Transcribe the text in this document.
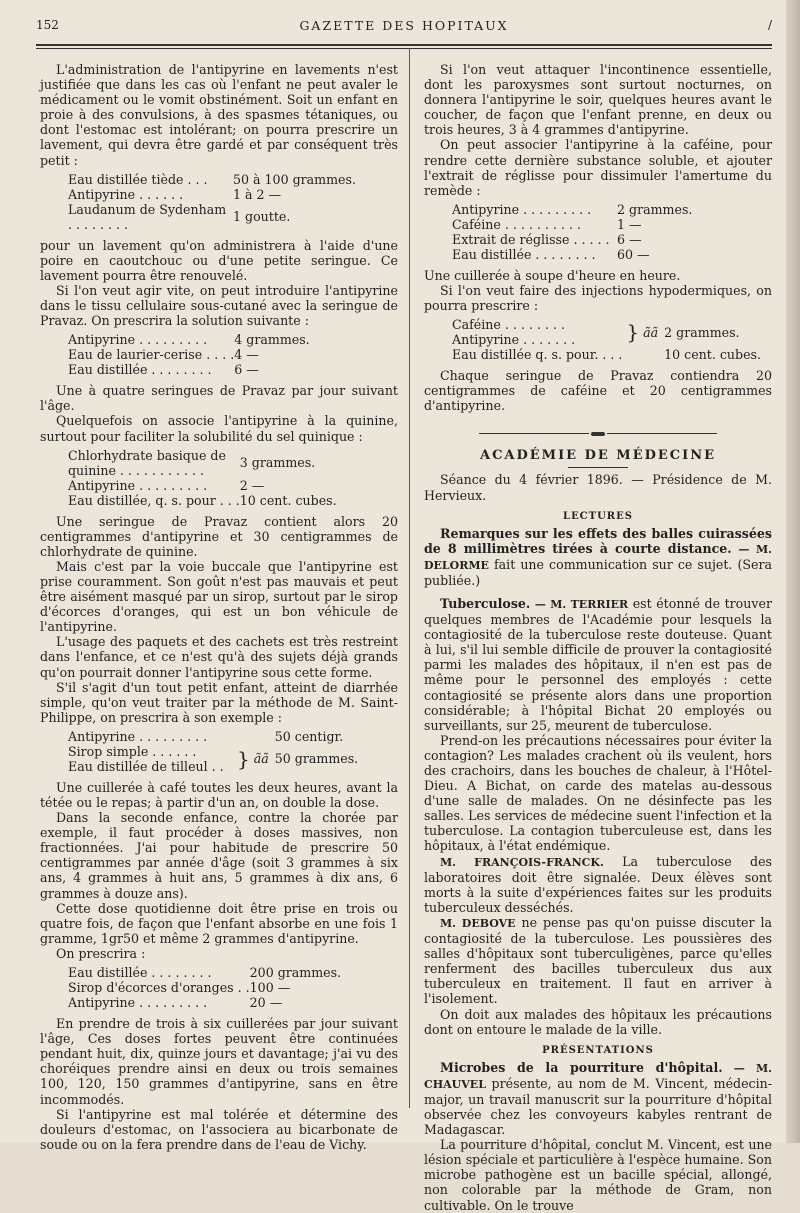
152	GAZETTE DES HOPITAUX	/

L'administration de l'antipyrine en lavements n'est justifiée que dans les cas où l'enfant ne peut avaler le médicament ou le vomit obstinément. Soit un enfant en proie à des convulsions, à des spasmes tétaniques, ou dont l'estomac est intolérant; on pourra prescrire un lavement, qui devra être gardé et par conséquent très petit :

Eau distillée tiède . . .	50 à 100 grammes.
Antipyrine . . . . . .	1 à 2 —
Laudanum de Sydenham . . . . . . . .	1 goutte.

pour un lavement qu'on administrera à l'aide d'une poire en caoutchouc ou d'une petite seringue. Ce lavement pourra être renouvelé.

Si l'on veut agir vite, on peut introduire l'antipyrine dans le tissu cellulaire sous-cutané avec la seringue de Pravaz. On prescrira la solution suivante :

Antipyrine . . . . . . . . .	4 grammes.
Eau de laurier-cerise . . . .	4 —
Eau distillée . . . . . . . .	6 —

Une à quatre seringues de Pravaz par jour suivant l'âge.

Quelquefois on associe l'antipyrine à la quinine, surtout pour faciliter la solubilité du sel quinique :

Chlorhydrate basique de quinine . . . . . . . . . . .	3 grammes.
Antipyrine . . . . . . . . .	2 —
Eau distillée, q. s. pour . . .	10 cent. cubes.

Une seringue de Pravaz contient alors 20 centigrammes d'antipyrine et 30 centigrammes de chlorhydrate de quinine.

Mais c'est par la voie buccale que l'antipyrine est prise couramment. Son goût n'est pas mauvais et peut être aisément masqué par un sirop, surtout par le sirop d'écorces d'oranges, qui est un bon véhicule de l'antipyrine.

L'usage des paquets et des cachets est très restreint dans l'enfance, et ce n'est qu'à des sujets déjà grands qu'on pourrait donner l'antipyrine sous cette forme.

S'il s'agit d'un tout petit enfant, atteint de diarrhée simple, qu'on veut traiter par la méthode de M. Saint-Philippe, on prescrira à son exemple :

Antipyrine . . . . . . . . .			50 centigr.
Sirop simple . . . . . .	}	ãã	50 grammes.
Eau distillée de tilleul . .			

Une cuillerée à café toutes les deux heures, avant la tétée ou le repas; à partir d'un an, on double la dose.

Dans la seconde enfance, contre la chorée par exemple, il faut procéder à doses massives, non fractionnées. J'ai pour habitude de prescrire 50 centigrammes par année d'âge (soit 3 grammes à six ans, 4 grammes à huit ans, 5 grammes à dix ans, 6 grammes à douze ans).

Cette dose quotidienne doit être prise en trois ou quatre fois, de façon que l'enfant absorbe en une fois 1 gramme, 1gr50 et même 2 grammes d'antipyrine.

On prescrira :

Eau distillée . . . . . . . .	200 grammes.
Sirop d'écorces d'oranges . .	100 —
Antipyrine . . . . . . . . .	20 —

En prendre de trois à six cuillerées par jour suivant l'âge, Ces doses fortes peuvent être continuées pendant huit, dix, quinze jours et davantage; j'ai vu des choréiques prendre ainsi en deux ou trois semaines 100, 120, 150 grammes d'antipyrine, sans en être incommodés.

Si l'antipyrine est mal tolérée et détermine des douleurs d'estomac, on l'associera au bicarbonate de soude ou on la fera prendre dans de l'eau de Vichy.

Si l'on veut attaquer l'incontinence essentielle, dont les paroxysmes sont surtout nocturnes, on donnera l'antipyrine le soir, quelques heures avant le coucher, de façon que l'enfant prenne, en deux ou trois heures, 3 à 4 grammes d'antipyrine.

On peut associer l'antipyrine à la caféine, pour rendre cette dernière substance soluble, et ajouter l'extrait de réglisse pour dissimuler l'amertume du remède :

Antipyrine . . . . . . . . .	2 grammes.
Caféine . . . . . . . . . .	1 —
Extrait de réglisse . . . . .	6 —
Eau distillée . . . . . . . .	60 —

Une cuillerée à soupe d'heure en heure.

Si l'on veut faire des injections hypodermiques, on pourra prescrire :

Caféine . . . . . . . .	}	ãã	2 grammes.
Antipyrine . . . . . . .			
Eau distillée q. s. pour. . . .			10 cent. cubes.

Chaque seringue de Pravaz contiendra 20 centigrammes de caféine et 20 centigrammes d'antipyrine.

ACADÉMIE DE MÉDECINE

Séance du 4 février 1896. — Présidence de M. Hervieux.

LECTURES

Remarques sur les effets des balles cuirassées de 8 millimètres tirées à courte distance. — M. DELORME fait une communication sur ce sujet. (Sera publiée.)

Tuberculose. — M. TERRIER est étonné de trouver quelques membres de l'Académie pour lesquels la contagiosité de la tuberculose reste douteuse. Quant à lui, s'il lui semble difficile de prouver la contagiosité parmi les malades des hôpitaux, il n'en est pas de même pour le personnel des employés : cette contagiosité se présente alors dans une proportion considérable; à l'hôpital Bichat 20 employés ou surveillants, sur 25, meurent de tuberculose.

Prend-on les précautions nécessaires pour éviter la contagion? Les malades crachent où ils veulent, hors des crachoirs, dans les bouches de chaleur, à l'Hôtel-Dieu. A Bichat, on carde des matelas au-dessous d'une salle de malades. On ne désinfecte pas les salles. Les services de médecine suent l'infection et la tuberculose. La contagion tuberculeuse est, dans les hôpitaux, à l'état endémique.

M. FRANÇOIS-FRANCK. La tuberculose des laboratoires doit être signalée. Deux élèves sont morts à la suite d'expériences faites sur les produits tuberculeux desséchés.

M. DEBOVE ne pense pas qu'on puisse discuter la contagiosité de la tuberculose. Les poussières des salles d'hôpitaux sont tuberculigènes, parce qu'elles renferment des bacilles tuberculeux dus aux tuberculeux en traitement. Il faut en arriver à l'isolement.

On doit aux malades des hôpitaux les précautions dont on entoure le malade de la ville.

PRÉSENTATIONS

Microbes de la pourriture d'hôpital. — M. CHAUVEL présente, au nom de M. Vincent, médecin-major, un travail manuscrit sur la pourriture d'hôpital observée chez les convoyeurs kabyles rentrant de Madagascar.

La pourriture d'hôpital, conclut M. Vincent, est une lésion spéciale et particulière à l'espèce humaine. Son microbe pathogène est un bacille spécial, allongé, non colorable par la méthode de Gram, non cultivable. On le trouve
